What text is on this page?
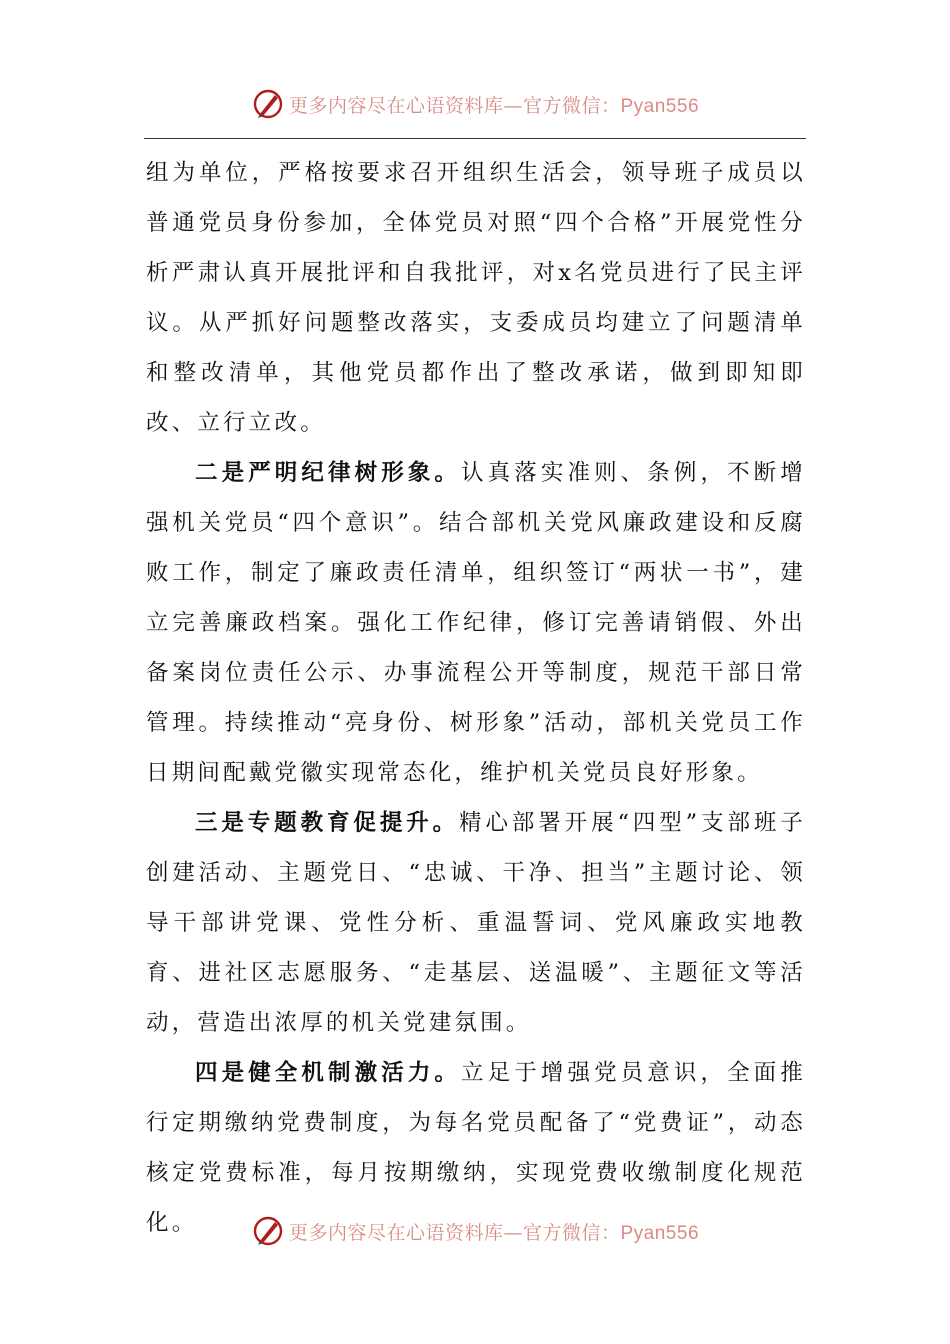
更多内容尽在心语资料库—官方微信：Pyan556

组为单位，严格按要求召开组织生活会，领导班子成员以普通党员身份参加，全体党员对照“四个合格”开展党性分析严肃认真开展批评和自我批评，对x名党员进行了民主评议。从严抓好问题整改落实，支委成员均建立了问题清单和整改清单，其他党员都作出了整改承诺，做到即知即改、立行立改。

二是严明纪律树形象。认真落实准则、条例，不断增强机关党员“四个意识”。结合部机关党风廉政建设和反腐败工作，制定了廉政责任清单，组织签订“两状一书”，建立完善廉政档案。强化工作纪律，修订完善请销假、外出备案岗位责任公示、办事流程公开等制度，规范干部日常管理。持续推动“亮身份、树形象”活动，部机关党员工作日期间配戴党徽实现常态化，维护机关党员良好形象。

三是专题教育促提升。精心部署开展“四型”支部班子创建活动、主题党日、“忠诚、干净、担当”主题讨论、领导干部讲党课、党性分析、重温誓词、党风廉政实地教育、进社区志愿服务、“走基层、送温暖”、主题征文等活动，营造出浓厚的机关党建氛围。

四是健全机制激活力。立足于增强党员意识，全面推行定期缴纳党费制度，为每名党员配备了“党费证”，动态核定党费标准，每月按期缴纳，实现党费收缴制度化规范化。	更多内容尽在心语资料库—官方微信：Pyan556
